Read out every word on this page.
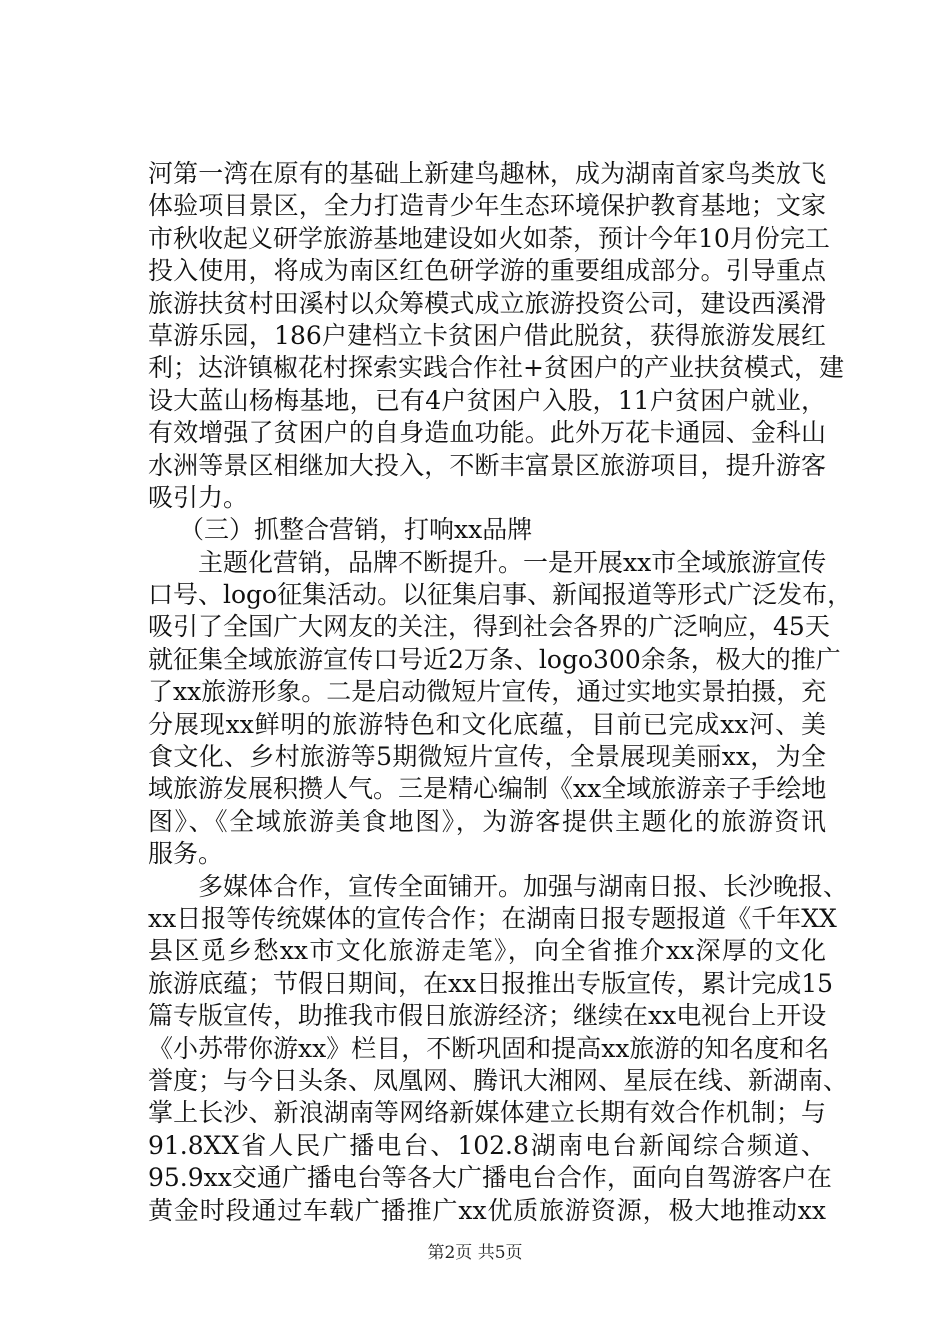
河第一湾在原有的基础上新建鸟趣林，成为湖南首家鸟类放飞
体验项目景区，全力打造青少年生态环境保护教育基地；文家
市秋收起义研学旅游基地建设如火如荼，预计今年10月份完工
投入使用，将成为南区红色研学游的重要组成部分。引导重点
旅游扶贫村田溪村以众筹模式成立旅游投资公司，建设西溪滑
草游乐园，186户建档立卡贫困户借此脱贫，获得旅游发展红
利；达浒镇椒花村探索实践合作社+贫困户的产业扶贫模式，建
设大蓝山杨梅基地，已有4户贫困户入股，11户贫困户就业，
有效增强了贫困户的自身造血功能。此外万花卡通园、金科山
水洲等景区相继加大投入，不断丰富景区旅游项目，提升游客
吸引力。
（三）抓整合营销，打响xx品牌
主题化营销，品牌不断提升。一是开展xx市全域旅游宣传
口号、logo征集活动。以征集启事、新闻报道等形式广泛发布，
吸引了全国广大网友的关注，得到社会各界的广泛响应，45天
就征集全域旅游宣传口号近2万条、logo300余条，极大的推广
了xx旅游形象。二是启动微短片宣传，通过实地实景拍摄，充
分展现xx鲜明的旅游特色和文化底蕴，目前已完成xx河、美
食文化、乡村旅游等5期微短片宣传，全景展现美丽xx，为全
域旅游发展积攒人气。三是精心编制《xx全域旅游亲子手绘地
图》、《全域旅游美食地图》，为游客提供主题化的旅游资讯
服务。
多媒体合作，宣传全面铺开。加强与湖南日报、长沙晚报、
xx日报等传统媒体的宣传合作；在湖南日报专题报道《千年XX
县区觅乡愁xx市文化旅游走笔》，向全省推介xx深厚的文化
旅游底蕴；节假日期间，在xx日报推出专版宣传，累计完成15
篇专版宣传，助推我市假日旅游经济；继续在xx电视台上开设
《小苏带你游xx》栏目，不断巩固和提高xx旅游的知名度和名
誉度；与今日头条、凤凰网、腾讯大湘网、星辰在线、新湖南、
掌上长沙、新浪湖南等网络新媒体建立长期有效合作机制；与
91.8XX省人民广播电台、102.8湖南电台新闻综合频道、
95.9xx交通广播电台等各大广播电台合作，面向自驾游客户在
黄金时段通过车载广播推广xx优质旅游资源，极大地推动xx
第2页 共5页
